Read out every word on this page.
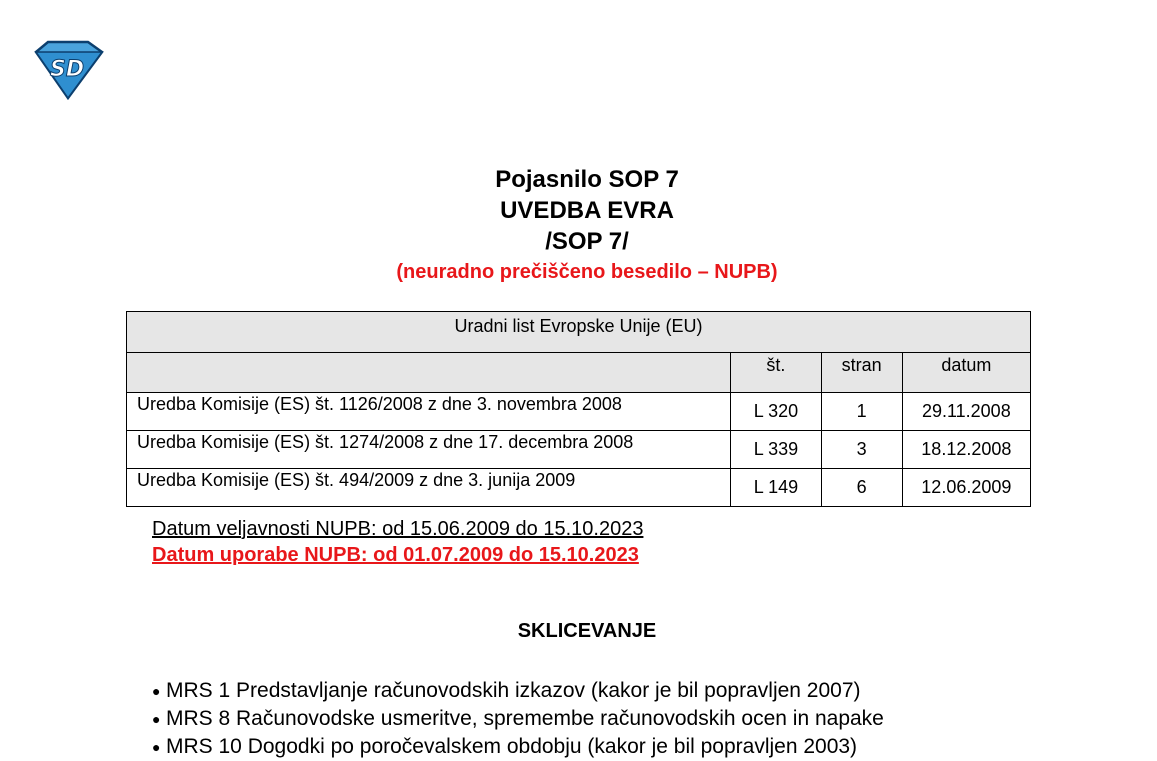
SD
Pojasnilo SOP 7
UVEDBA EVRA
/SOP 7/
(neuradno prečiščeno besedilo – NUPB)
Uradni list Evropske Unije (EU)			
	št.	stran	datum
Uredba Komisije (ES) št. 1126/2008 z dne 3. novembra 2008	L 320	1	29.11.2008
Uredba Komisije (ES) št. 1274/2008 z dne 17. decembra 2008	L 339	3	18.12.2008
Uredba Komisije (ES) št. 494/2009 z dne 3. junija 2009	L 149	6	12.06.2009
Datum veljavnosti NUPB: od 15.06.2009 do 15.10.2023
Datum uporabe NUPB: od 01.07.2009 do 15.10.2023
SKLICEVANJE
● MRS 1 Predstavljanje računovodskih izkazov (kakor je bil popravljen 2007)
● MRS 8 Računovodske usmeritve, spremembe računovodskih ocen in napake
● MRS 10 Dogodki po poročevalskem obdobju (kakor je bil popravljen 2003)
